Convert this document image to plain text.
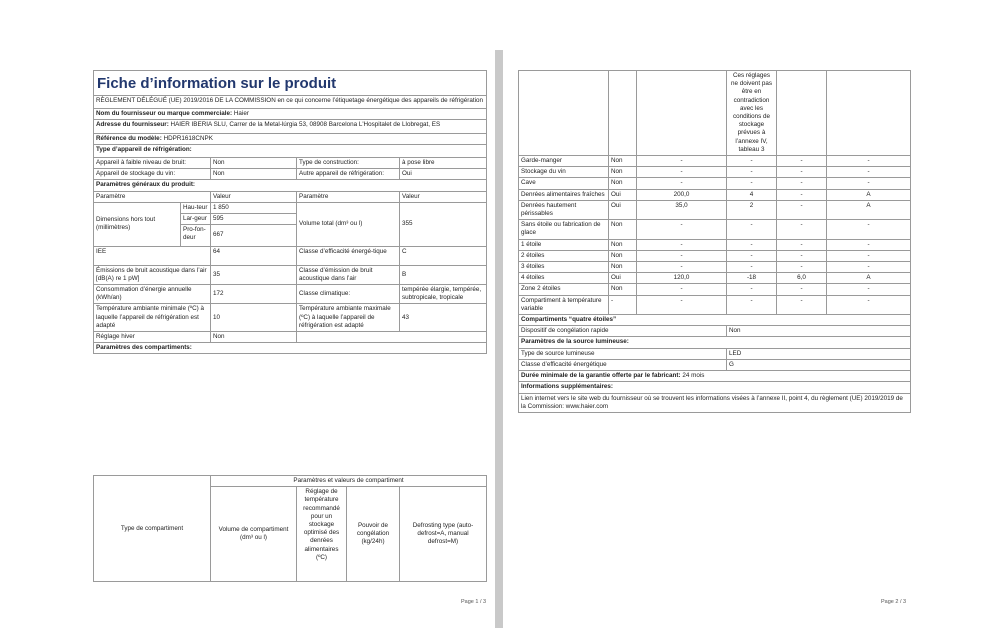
Fiche d’information sur le produit				
RÈGLEMENT DÉLÉGUÉ (UE) 2019/2016 DE LA COMMISSION en ce qui concerne l’étiquetage énergétique des appareils de réfrigération				
Nom du fournisseur ou marque commerciale: Haier				
Adresse du fournisseur: HAIER IBERIA SLU, Carrer de la Metal-lúrgia 53, 08908 Barcelona L'Hospitalet de Llobregat, ES				
Référence du modèle: HDPR1618CNPK				
Type d’appareil de réfrigération:				
Appareil à faible niveau de bruit:		Non	Type de construction:	à pose libre
Appareil de stockage du vin:		Non	Autre appareil de réfrigération:	Oui
Paramètres généraux du produit:				
Paramètre		Valeur	Paramètre	Valeur
Dimensions hors tout (millimètres)	Hau-teur	1 850	Volume total (dm³ ou l)	355
	Lar-geur	595		
	Pro-fon-deur	667		
IEE		64	Classe d’efficacité énergé-tique	C
Émissions de bruit acoustique dans l’air [dB(A) re 1 pW]		35	Classe d’émission de bruit acoustique dans l’air	B
Consommation d’énergie annuelle (kWh/an)		172	Classe climatique:	tempérée élargie, tempérée, subtropicale, tropicale
Température ambiante minimale (ºC) à laquelle l’appareil de réfrigération est adapté		10	Température ambiante maximale (ºC) à laquelle l’appareil de réfrigération est adapté	43
Réglage hiver		Non		
Paramètres des compartiments:				
Type de compartiment	Paramètres et valeurs de compartiment			
	Volume de compartiment (dm³ ou l)	Réglage de température recommandé pour un stockage optimisé des denrées alimentaires (ºC)	Pouvoir de congélation (kg/24h)	Defrosting type (auto-defrost=A, manual defrost=M)
Page 1 / 3
			Ces réglages ne doivent pas être en contradiction avec les conditions de stockage prévues à l’annexe IV, tableau 3		
Garde-manger	Non	-	-	-	-
Stockage du vin	Non	-	-	-	-
Cave	Non	-	-	-	-
Denrées alimentaires fraîches	Oui	200,0	4	-	A
Denrées hautement périssables	Oui	35,0	2	-	A
Sans étoile ou fabrication de glace	Non	-	-	-	-
1 étoile	Non	-	-	-	-
2 étoiles	Non	-	-	-	-
3 étoiles	Non	-	-	-	-
4 étoiles	Oui	120,0	-18	6,0	A
Zone 2 étoiles	Non	-	-	-	-
Compartiment à température variable	-	-	-	-	-
Compartiments “quatre étoiles”					
Dispositif de congélation rapide			Non		
Paramètres de la source lumineuse:					
Type de source lumineuse			LED		
Classe d’efficacité énergétique			G		
Durée minimale de la garantie offerte par le fabricant: 24 mois					
Informations supplémentaires:					
Lien internet vers le site web du fournisseur où se trouvent les informations visées à l’annexe II, point 4, du règlement (UE) 2019/2019 de la Commission: www.haier.com					
Page 2 / 3
